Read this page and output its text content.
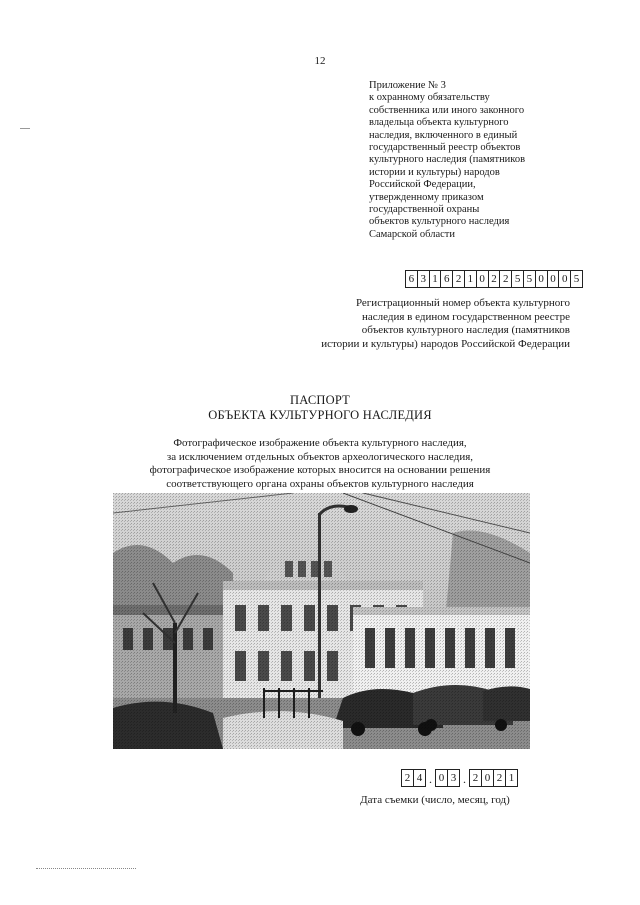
12
Приложение № 3
к охранному обязательству
собственника или иного законного
владельца объекта культурного
наследия, включенного в единый
государственный реестр объектов
культурного наследия (памятников
истории и культуры) народов
Российской Федерации,
утвержденному приказом
государственной охраны
объектов культурного наследия
Самарской области
6 3 1 6 2 1 0 2 2 5 5 0 0 0 5
Регистрационный номер объекта культурного
наследия в едином государственном реестре
объектов культурного наследия (памятников
истории и культуры) народов Российской Федерации
ПАСПОРТ
ОБЪЕКТА КУЛЬТУРНОГО НАСЛЕДИЯ
Фотографическое изображение объекта культурного наследия,
за исключением отдельных объектов археологического наследия,
фотографическое изображение которых вносится на основании решения
соответствующего органа охраны объектов культурного наследия
2 4 . 0 3 . 2 0 2 1
Дата съемки (число, месяц, год)
